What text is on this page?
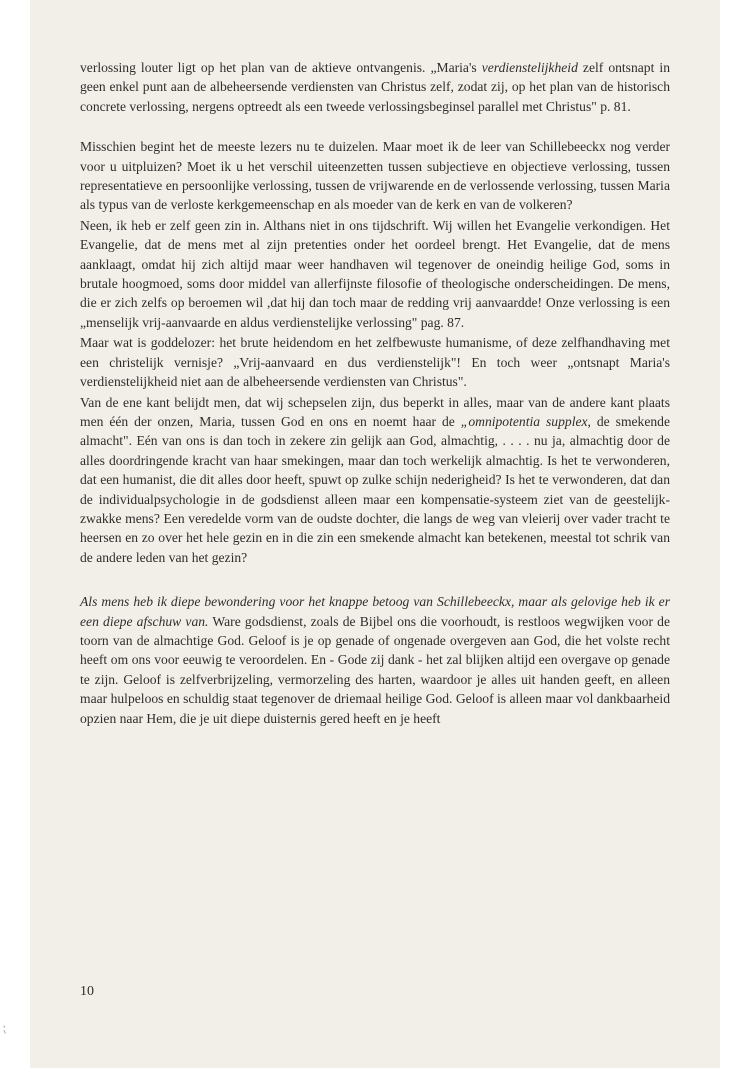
verlossing louter ligt op het plan van de aktieve ontvangenis. „Maria's verdienstelijkheid zelf ontsnapt in geen enkel punt aan de albeheersende verdiensten van Christus zelf, zodat zij, op het plan van de historisch concrete verlossing, nergens optreedt als een tweede verlossingsbeginsel parallel met Christus" p. 81.

Misschien begint het de meeste lezers nu te duizelen. Maar moet ik de leer van Schillebeeckx nog verder voor u uitpluizen? Moet ik u het verschil uiteenzetten tussen subjectieve en objectieve verlossing, tussen representatieve en persoonlijke verlossing, tussen de vrijwarende en de verlossende verlossing, tussen Maria als typus van de verloste kerkgemeenschap en als moeder van de kerk en van de volkeren?

Neen, ik heb er zelf geen zin in. Althans niet in ons tijdschrift. Wij willen het Evangelie verkondigen. Het Evangelie, dat de mens met al zijn pretenties onder het oordeel brengt. Het Evangelie, dat de mens aanklaagt, omdat hij zich altijd maar weer handhaven wil tegenover de oneindig heilige God, soms in brutale hoogmoed, soms door middel van allerfijnste filosofie of theologische onderscheidingen. De mens, die er zich zelfs op beroemen wil ,dat hij dan toch maar de redding vrij aanvaardde! Onze verlossing is een „menselijk vrij-aanvaarde en aldus verdienstelijke verlossing" pag. 87.

Maar wat is goddelozer: het brute heidendom en het zelfbewuste humanisme, of deze zelfhandhaving met een christelijk vernisje? „Vrij-aanvaard en dus verdienstelijk"! En toch weer „ontsnapt Maria's verdienstelijkheid niet aan de albeheersende verdiensten van Christus".

Van de ene kant belijdt men, dat wij schepselen zijn, dus beperkt in alles, maar van de andere kant plaats men één der onzen, Maria, tussen God en ons en noemt haar de „omnipotentia supplex, de smekende almacht". Eén van ons is dan toch in zekere zin gelijk aan God, almachtig, . . . . nu ja, almachtig door de alles doordringende kracht van haar smekingen, maar dan toch werkelijk almachtig. Is het te verwonderen, dat een humanist, die dit alles door heeft, spuwt op zulke schijn nederigheid? Is het te verwonderen, dat dan de individualpsychologie in de godsdienst alleen maar een kompensatie-systeem ziet van de geestelijk-zwakke mens? Een veredelde vorm van de oudste dochter, die langs de weg van vleierij over vader tracht te heersen en zo over het hele gezin en in die zin een smekende almacht kan betekenen, meestal tot schrik van de andere leden van het gezin?

Als mens heb ik diepe bewondering voor het knappe betoog van Schillebeeckx, maar als gelovige heb ik er een diepe afschuw van. Ware godsdienst, zoals de Bijbel ons die voorhoudt, is restloos wegwijken voor de toorn van de almachtige God. Geloof is je op genade of ongenade overgeven aan God, die het volste recht heeft om ons voor eeuwig te veroordelen. En - Gode zij dank - het zal blijken altijd een overgave op genade te zijn. Geloof is zelfverbrijzeling, vermorzeling des harten, waardoor je alles uit handen geeft, en alleen maar hulpeloos en schuldig staat tegenover de driemaal heilige God. Geloof is alleen maar vol dankbaarheid opzien naar Hem, die je uit diepe duisternis gered heeft en je heeft

10
⁏
